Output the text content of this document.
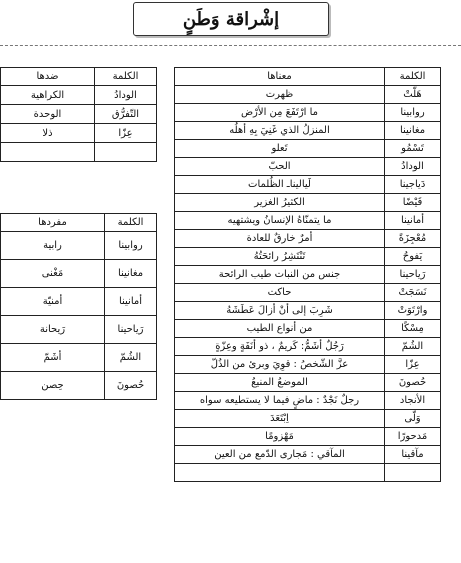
إشْراقة وَطَنٍ
الكلمة	ضدها
الودادُ	الكراهية
التّفرُّق	الوحدة
عِزّا	ذلا

الكلمة	مفردها
روابينا	رابية
مغانينا	مَغْنى
أمانينا	أمنيّة
رَياحينا	رَيحانة
الشُمّ	أشَمّ
حُصونَ	حِصن
الكلمة	معناها
هَلّتْ	ظهرت
روابينا	ما ارْتَفَعَ مِن الأرْض
مغانينا	المنزلُ الذي غَنِيَ بِهِ أهلُه
تَسْمُو	تَعلو
الودادُ	الحبّ
دَياجينا	لَياليناـ الظُلمات
فَيْضًا	الكثيرُ الغزير
أمانينا	ما يتمنّاهُ الإنسانُ ويشتهيه
مُعْجِزَةً	أمرٌ خارقٌ للعادة
يَفوحُ	تَنْتَشِرُ رائحَتُهُ
رَياحينا	جنس من النبات طيب الرائحة
نَسَجَتْ	حاكت
وارْتَوَتْ	شَرِبَ إلى أنْ أزالَ عَطَشَهُ
مِسْكًا	من أنواع الطيب
الشُمّ	رَجُلٌ أشَمُّ: كَريمٌ ، ذو أنَفَةٍ وعِزّةٍ
عِزّا	عزَّ الشّخصُ : قوِيَ وبرئ من الذُلّ
حُصونَ	الموضعُ المنيعُ
الأنجاد	رجلٌ نَجْدٌ : ماضٍ فيما لا يستطيعه سواه
وَلّى	اِبْتَعَدَ
مَدحورًا	مَهْزومًا
مآقينا	المآقي : مَجارى الدّمع من العين
